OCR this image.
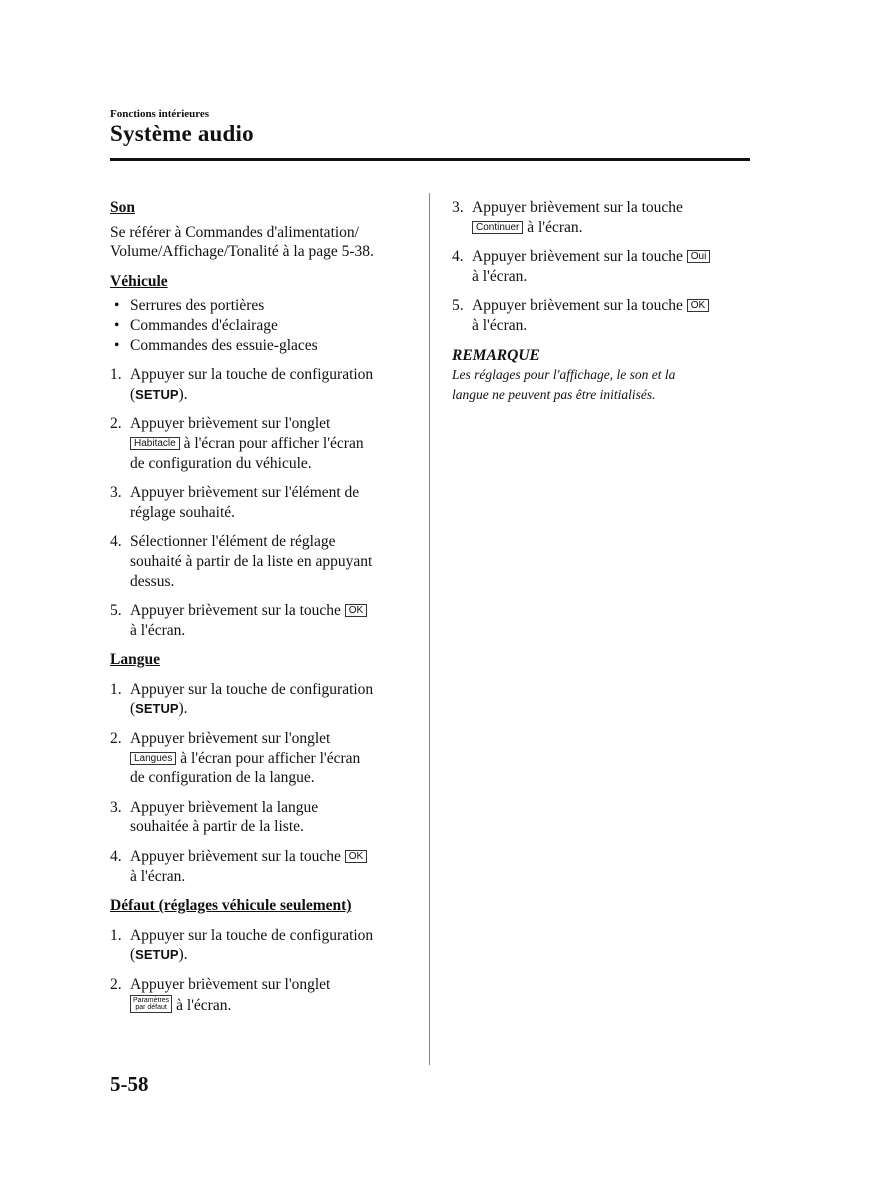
Fonctions intérieures
Système audio

Son

Se référer à Commandes d'alimentation/

Volume/Affichage/Tonalité à la page 5-38.

Véhicule

• Serrures des portières
• Commandes d'éclairage
• Commandes des essuie-glaces
1. Appuyer sur la touche de configuration
(SETUP).
2. Appuyer brièvement sur l'onglet
Habitacle à l'écran pour afficher l'écran
de configuration du véhicule.
3. Appuyer brièvement sur l'élément de
réglage souhaité.
4. Sélectionner l'élément de réglage
souhaité à partir de la liste en appuyant
dessus.
5. Appuyer brièvement sur la touche OK
à l'écran.

Langue

1. Appuyer sur la touche de configuration
(SETUP).
2. Appuyer brièvement sur l'onglet
Langues à l'écran pour afficher l'écran
de configuration de la langue.
3. Appuyer brièvement la langue
souhaitée à partir de la liste.
4. Appuyer brièvement sur la touche OK
à l'écran.

Défaut (réglages véhicule seulement)

1. Appuyer sur la touche de configuration
(SETUP).
2. Appuyer brièvement sur l'onglet
Paramètres
par défaut à l'écran.
3. Appuyer brièvement sur la touche
Continuer à l'écran.
4. Appuyer brièvement sur la touche Oui
à l'écran.
5. Appuyer brièvement sur la touche OK
à l'écran.

REMARQUE

Les réglages pour l'affichage, le son et la

langue ne peuvent pas être initialisés.

5-58
